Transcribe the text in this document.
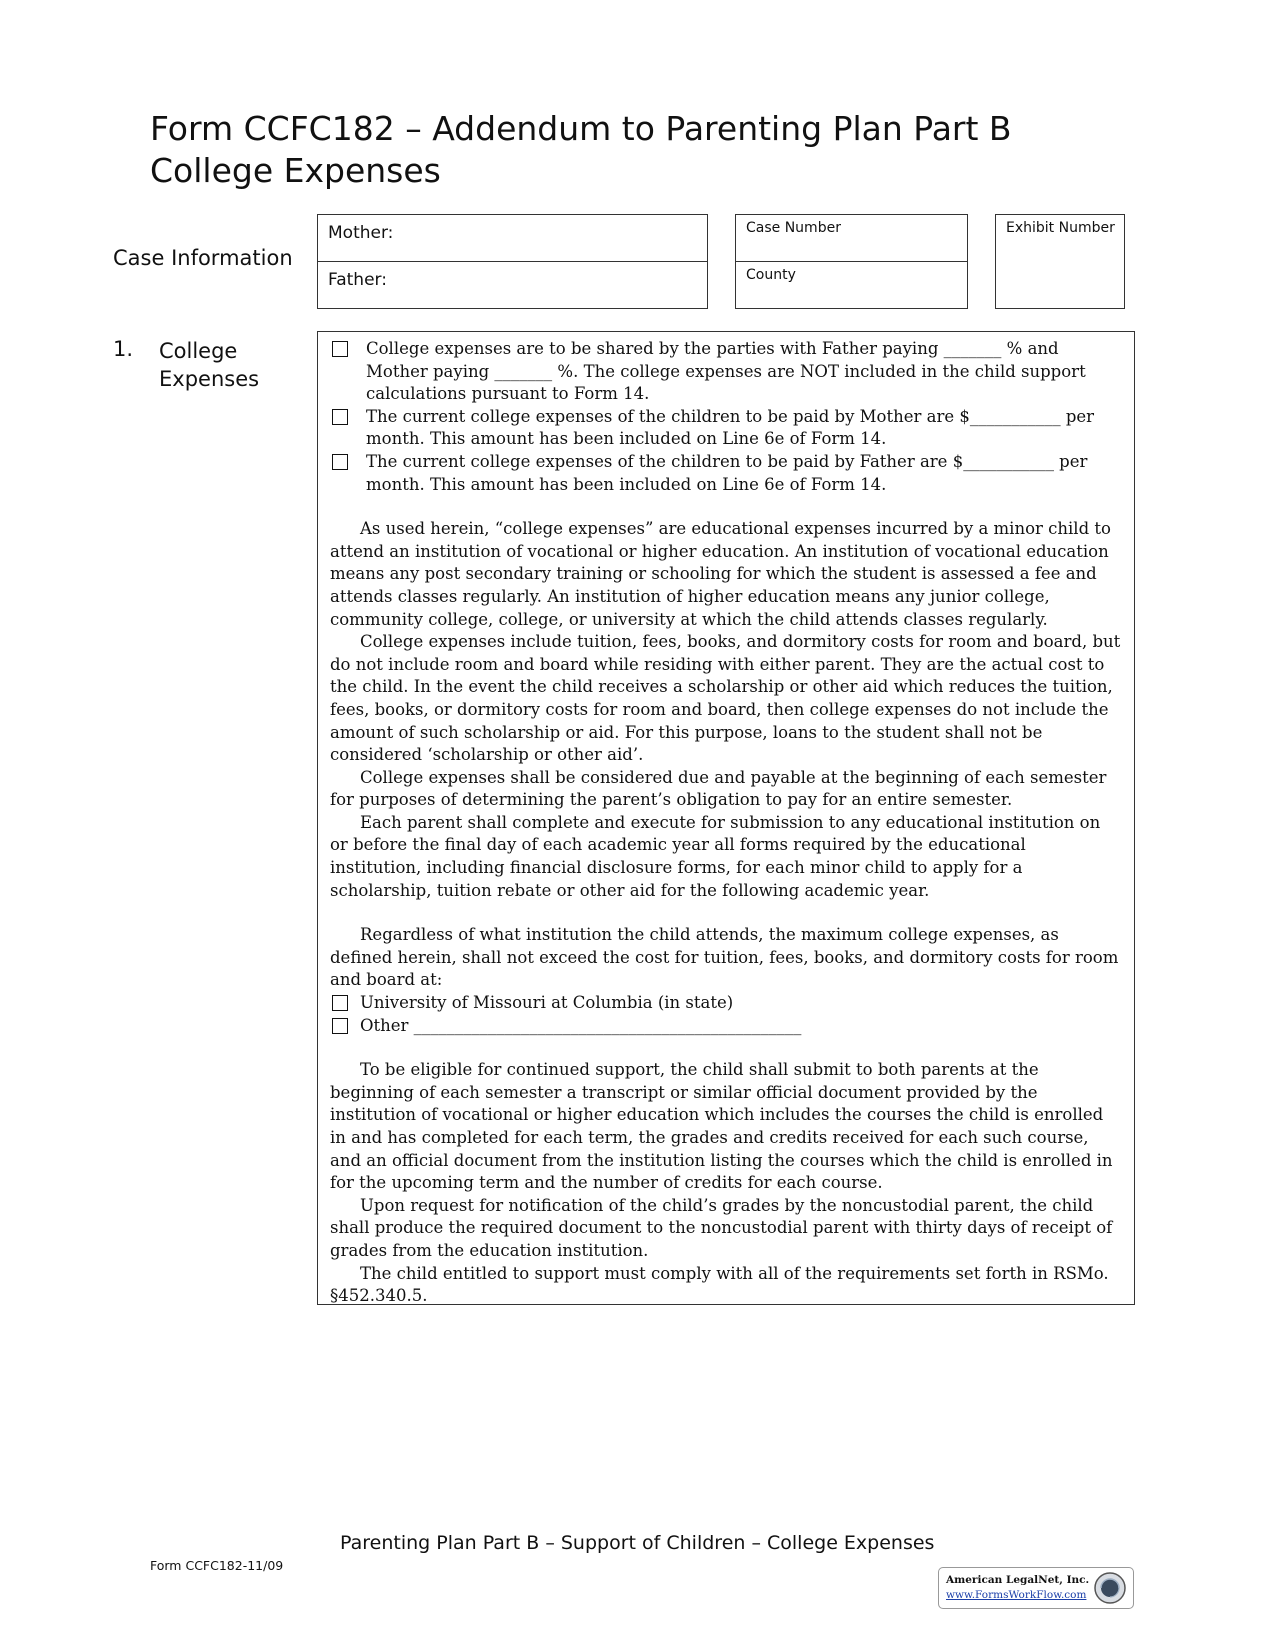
Form CCFC182 – Addendum to Parenting Plan Part B
College Expenses
Case Information
Mother:
Father:
Case Number
County
Exhibit Number
1. College
Expenses
College expenses are to be shared by the parties with Father paying _______ % and Mother paying _______ %. The college expenses are NOT included in the child support calculations pursuant to Form 14.
The current college expenses of the children to be paid by Mother are $___________ per month. This amount has been included on Line 6e of Form 14.
The current college expenses of the children to be paid by Father are $___________ per month. This amount has been included on Line 6e of Form 14.

As used herein, “college expenses” are educational expenses incurred by a minor child to attend an institution of vocational or higher education. An institution of vocational education means any post secondary training or schooling for which the student is assessed a fee and attends classes regularly. An institution of higher education means any junior college, community college, college, or university at which the child attends classes regularly.

College expenses include tuition, fees, books, and dormitory costs for room and board, but do not include room and board while residing with either parent. They are the actual cost to the child. In the event the child receives a scholarship or other aid which reduces the tuition, fees, books, or dormitory costs for room and board, then college expenses do not include the amount of such scholarship or aid. For this purpose, loans to the student shall not be considered ‘scholarship or other aid’.

College expenses shall be considered due and payable at the beginning of each semester for purposes of determining the parent’s obligation to pay for an entire semester.

Each parent shall complete and execute for submission to any educational institution on or before the final day of each academic year all forms required by the educational institution, including financial disclosure forms, for each minor child to apply for a scholarship, tuition rebate or other aid for the following academic year.

Regardless of what institution the child attends, the maximum college expenses, as defined herein, shall not exceed the cost for tuition, fees, books, and dormitory costs for room and board at:

University of Missouri at Columbia (in state)
Other _______________________________________________

To be eligible for continued support, the child shall submit to both parents at the beginning of each semester a transcript or similar official document provided by the institution of vocational or higher education which includes the courses the child is enrolled in and has completed for each term, the grades and credits received for each such course, and an official document from the institution listing the courses which the child is enrolled in for the upcoming term and the number of credits for each course.

Upon request for notification of the child’s grades by the noncustodial parent, the child shall produce the required document to the noncustodial parent with thirty days of receipt of grades from the education institution.

The child entitled to support must comply with all of the requirements set forth in RSMo. §452.340.5.

Parenting Plan Part B – Support of Children – College Expenses
Form CCFC182-11/09
American LegalNet, Inc.
www.FormsWorkFlow.com
